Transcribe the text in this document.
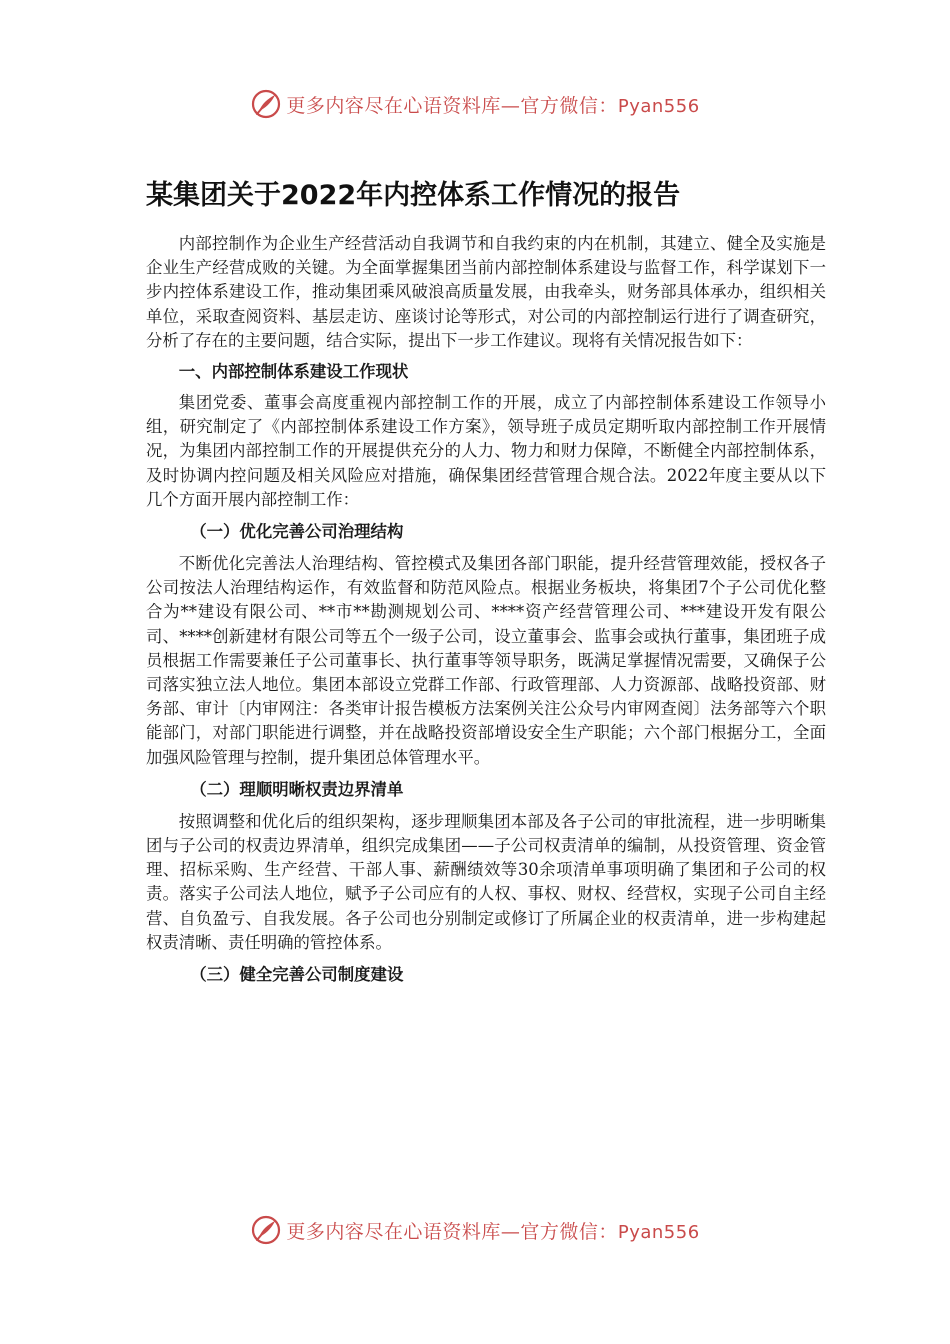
更多内容尽在心语资料库—官方微信：Pyan556
某集团关于2022年内控体系工作情况的报告

内部控制作为企业生产经营活动自我调节和自我约束的内在机制，其建立、健全及实施是企业生产经营成败的关键。为全面掌握集团当前内部控制体系建设与监督工作，科学谋划下一步内控体系建设工作，推动集团乘风破浪高质量发展，由我牵头，财务部具体承办，组织相关单位，采取查阅资料、基层走访、座谈讨论等形式，对公司的内部控制运行进行了调查研究，分析了存在的主要问题，结合实际，提出下一步工作建议。现将有关情况报告如下：

一、内部控制体系建设工作现状

集团党委、董事会高度重视内部控制工作的开展，成立了内部控制体系建设工作领导小组，研究制定了《内部控制体系建设工作方案》，领导班子成员定期听取内部控制工作开展情况，为集团内部控制工作的开展提供充分的人力、物力和财力保障，不断健全内部控制体系，及时协调内控问题及相关风险应对措施，确保集团经营管理合规合法。2022年度主要从以下几个方面开展内部控制工作：

（一）优化完善公司治理结构

不断优化完善法人治理结构、管控模式及集团各部门职能，提升经营管理效能，授权各子公司按法人治理结构运作，有效监督和防范风险点。根据业务板块，将集团7个子公司优化整合为**建设有限公司、**市**勘测规划公司、****资产经营管理公司、***建设开发有限公司、****创新建材有限公司等五个一级子公司，设立董事会、监事会或执行董事，集团班子成员根据工作需要兼任子公司董事长、执行董事等领导职务，既满足掌握情况需要，又确保子公司落实独立法人地位。集团本部设立党群工作部、行政管理部、人力资源部、战略投资部、财务部、审计〔内审网注：各类审计报告模板方法案例关注公众号内审网查阅〕法务部等六个职能部门，对部门职能进行调整，并在战略投资部增设安全生产职能；六个部门根据分工，全面加强风险管理与控制，提升集团总体管理水平。

（二）理顺明晰权责边界清单

按照调整和优化后的组织架构，逐步理顺集团本部及各子公司的审批流程，进一步明晰集团与子公司的权责边界清单，组织完成集团——子公司权责清单的编制，从投资管理、资金管理、招标采购、生产经营、干部人事、薪酬绩效等30余项清单事项明确了集团和子公司的权责。落实子公司法人地位，赋予子公司应有的人权、事权、财权、经营权，实现子公司自主经营、自负盈亏、自我发展。各子公司也分别制定或修订了所属企业的权责清单，进一步构建起权责清晰、责任明确的管控体系。

（三）健全完善公司制度建设
更多内容尽在心语资料库—官方微信：Pyan556
